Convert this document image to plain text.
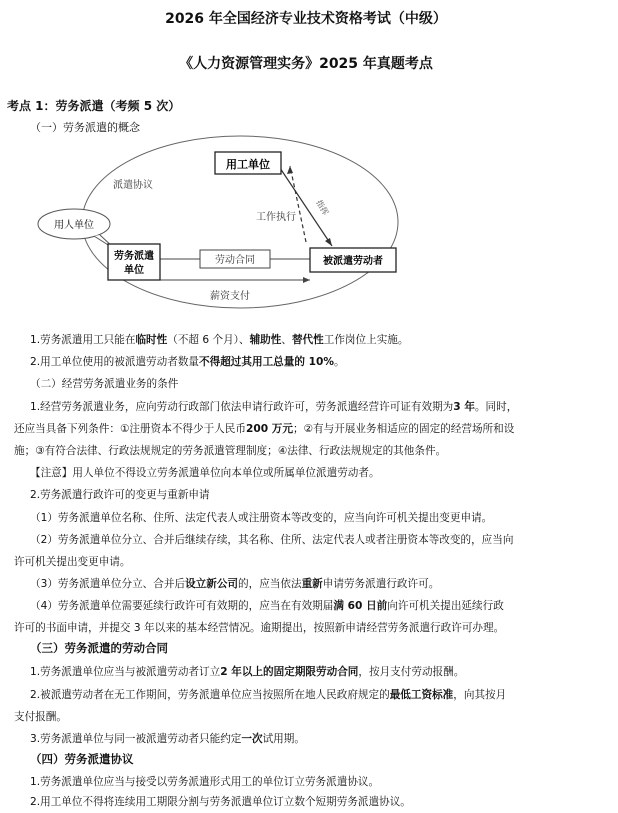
2026 年全国经济专业技术资格考试（中级）
《人力资源管理实务》2025 年真题考点
考点 1：劳务派遣（考频 5 次）
（一）劳务派遣的概念
用工单位
劳务派遣
单位
被派遣劳动者
用人单位
派遣协议
工作执行
劳动合同
薪资支付
指挥
1.劳务派遣用工只能在临时性（不超 6 个月）、辅助性、替代性工作岗位上实施。
2.用工单位使用的被派遣劳动者数量不得超过其用工总量的 10%。
（二）经营劳务派遣业务的条件
1.经营劳务派遣业务，应向劳动行政部门依法申请行政许可，劳务派遣经营许可证有效期为3 年。同时，
还应当具备下列条件：①注册资本不得少于人民币200 万元；②有与开展业务相适应的固定的经营场所和设
施；③有符合法律、行政法规规定的劳务派遣管理制度；④法律、行政法规规定的其他条件。
【注意】用人单位不得设立劳务派遣单位向本单位或所属单位派遣劳动者。
2.劳务派遣行政许可的变更与重新申请
（1）劳务派遣单位名称、住所、法定代表人或注册资本等改变的，应当向许可机关提出变更申请。
（2）劳务派遣单位分立、合并后继续存续，其名称、住所、法定代表人或者注册资本等改变的，应当向
许可机关提出变更申请。
（3）劳务派遣单位分立、合并后设立新公司的，应当依法重新申请劳务派遣行政许可。
（4）劳务派遣单位需要延续行政许可有效期的，应当在有效期届满 60 日前向许可机关提出延续行政
许可的书面申请，并提交 3 年以来的基本经营情况。逾期提出，按照新申请经营劳务派遣行政许可办理。
（三）劳务派遣的劳动合同
1.劳务派遣单位应当与被派遣劳动者订立2 年以上的固定期限劳动合同，按月支付劳动报酬。
2.被派遣劳动者在无工作期间，劳务派遣单位应当按照所在地人民政府规定的最低工资标准，向其按月
支付报酬。
3.劳务派遣单位与同一被派遣劳动者只能约定一次试用期。
（四）劳务派遣协议
1.劳务派遣单位应当与接受以劳务派遣形式用工的单位订立劳务派遣协议。
2.用工单位不得将连续用工期限分割与劳务派遣单位订立数个短期劳务派遣协议。
